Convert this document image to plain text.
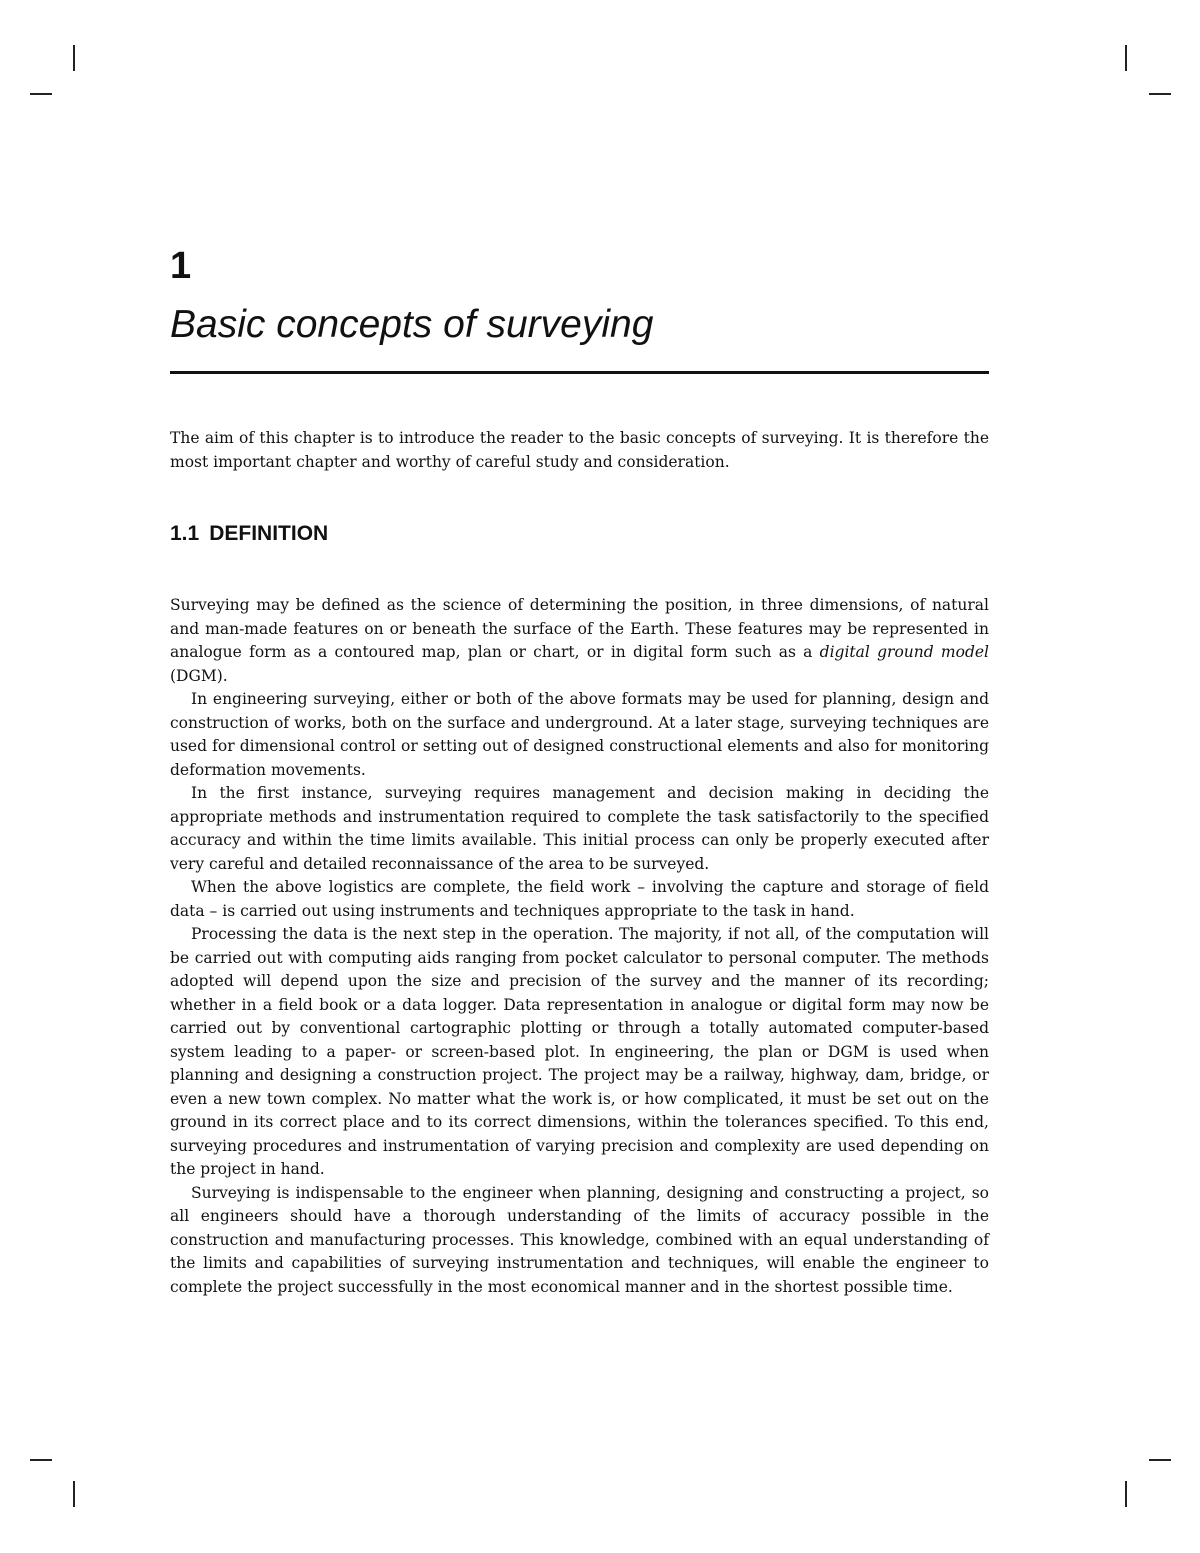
1
Basic concepts of surveying

The aim of this chapter is to introduce the reader to the basic concepts of surveying. It is therefore the most important chapter and worthy of careful study and consideration.

1.1 DEFINITION

Surveying may be defined as the science of determining the position, in three dimensions, of natural and man-made features on or beneath the surface of the Earth. These features may be represented in analogue form as a contoured map, plan or chart, or in digital form such as a digital ground model (DGM).

In engineering surveying, either or both of the above formats may be used for planning, design and construction of works, both on the surface and underground. At a later stage, surveying techniques are used for dimensional control or setting out of designed constructional elements and also for monitoring deformation movements.

In the first instance, surveying requires management and decision making in deciding the appropriate methods and instrumentation required to complete the task satisfactorily to the specified accuracy and within the time limits available. This initial process can only be properly executed after very careful and detailed reconnaissance of the area to be surveyed.

When the above logistics are complete, the field work – involving the capture and storage of field data – is carried out using instruments and techniques appropriate to the task in hand.

Processing the data is the next step in the operation. The majority, if not all, of the computation will be carried out with computing aids ranging from pocket calculator to personal computer. The methods adopted will depend upon the size and precision of the survey and the manner of its recording; whether in a field book or a data logger. Data representation in analogue or digital form may now be carried out by conventional cartographic plotting or through a totally automated computer-based system leading to a paper- or screen-based plot. In engineering, the plan or DGM is used when planning and designing a construction project. The project may be a railway, highway, dam, bridge, or even a new town complex. No matter what the work is, or how complicated, it must be set out on the ground in its correct place and to its correct dimensions, within the tolerances specified. To this end, surveying procedures and instrumentation of varying precision and complexity are used depending on the project in hand.

Surveying is indispensable to the engineer when planning, designing and constructing a project, so all engineers should have a thorough understanding of the limits of accuracy possible in the construction and manufacturing processes. This knowledge, combined with an equal understanding of the limits and capabilities of surveying instrumentation and techniques, will enable the engineer to complete the project successfully in the most economical manner and in the shortest possible time.
